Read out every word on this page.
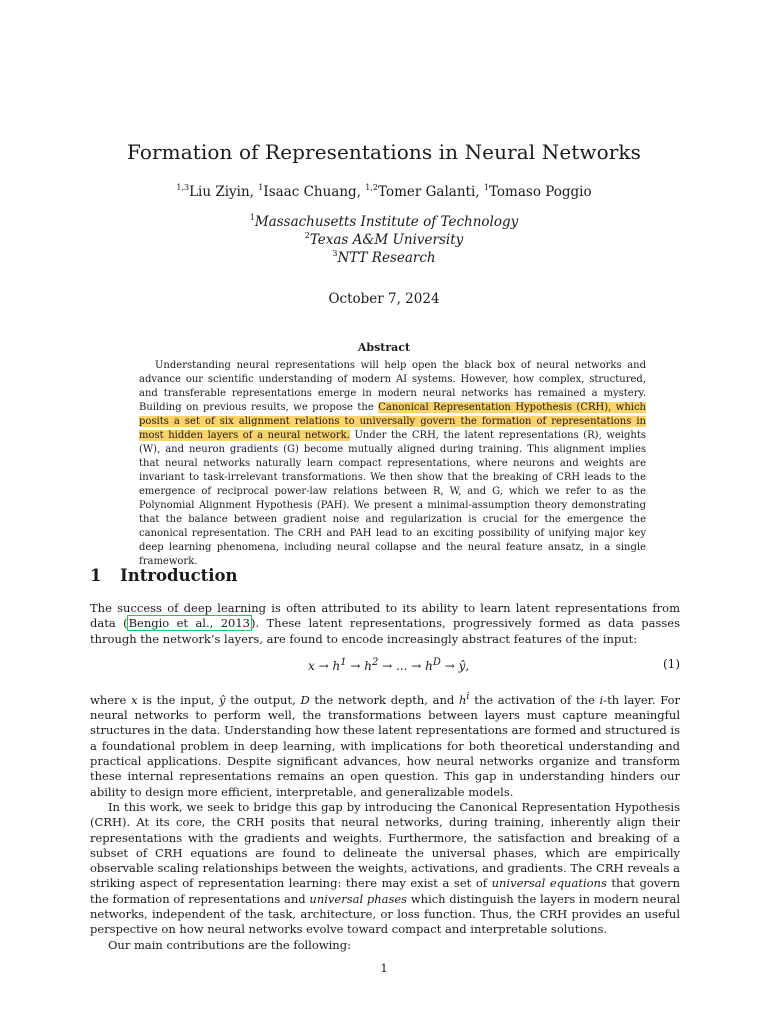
Formation of Representations in Neural Networks
$^{1,3}$Liu Ziyin, $^1$Isaac Chuang, $^{1,2}$Tomer Galanti, $^1$Tomaso Poggio
$^1$Massachusetts Institute of Technology
$^2$Texas A&M University
$^3$NTT Research
October 7, 2024
Abstract

Understanding neural representations will help open the black box of neural networks and advance our scientific understanding of modern AI systems. However, how complex, structured, and transferable representations emerge in modern neural networks has remained a mystery. Building on previous results, we propose the Canonical Representation Hypothesis (CRH), which posits a set of six alignment relations to universally govern the formation of representations in most hidden layers of a neural network. Under the CRH, the latent representations (R), weights (W), and neuron gradients (G) become mutually aligned during training. This alignment implies that neural networks naturally learn compact representations, where neurons and weights are invariant to task-irrelevant transformations. We then show that the breaking of CRH leads to the emergence of reciprocal power-law relations between R, W, and G, which we refer to as the Polynomial Alignment Hypothesis (PAH). We present a minimal-assumption theory demonstrating that the balance between gradient noise and regularization is crucial for the emergence the canonical representation. The CRH and PAH lead to an exciting possibility of unifying major key deep learning phenomena, including neural collapse and the neural feature ansatz, in a single framework.

1 Introduction

The success of deep learning is often attributed to its ability to learn latent representations from data (Bengio et al., 2013). These latent representations, progressively formed as data passes through the network’s layers, are found to encode increasingly abstract features of the input:

$x \to h^1 \to h^2$ → ... → $h^D$ → ŷ,	(1)

where x is the input, ŷ the output, D the network depth, and $h^i$ the activation of the i-th layer. For neural networks to perform well, the transformations between layers must capture meaningful structures in the data. Understanding how these latent representations are formed and structured is a foundational problem in deep learning, with implications for both theoretical understanding and practical applications. Despite significant advances, how neural networks organize and transform these internal representations remains an open question. This gap in understanding hinders our ability to design more efficient, interpretable, and generalizable models.

In this work, we seek to bridge this gap by introducing the Canonical Representation Hypothesis (CRH). At its core, the CRH posits that neural networks, during training, inherently align their representations with the gradients and weights. Furthermore, the satisfaction and breaking of a subset of CRH equations are found to delineate the universal phases, which are empirically observable scaling relationships between the weights, activations, and gradients. The CRH reveals a striking aspect of representation learning: there may exist a set of universal equations that govern the formation of representations and universal phases which distinguish the layers in modern neural networks, independent of the task, architecture, or loss function. Thus, the CRH provides an useful perspective on how neural networks evolve toward compact and interpretable solutions.

Our main contributions are the following:

1
